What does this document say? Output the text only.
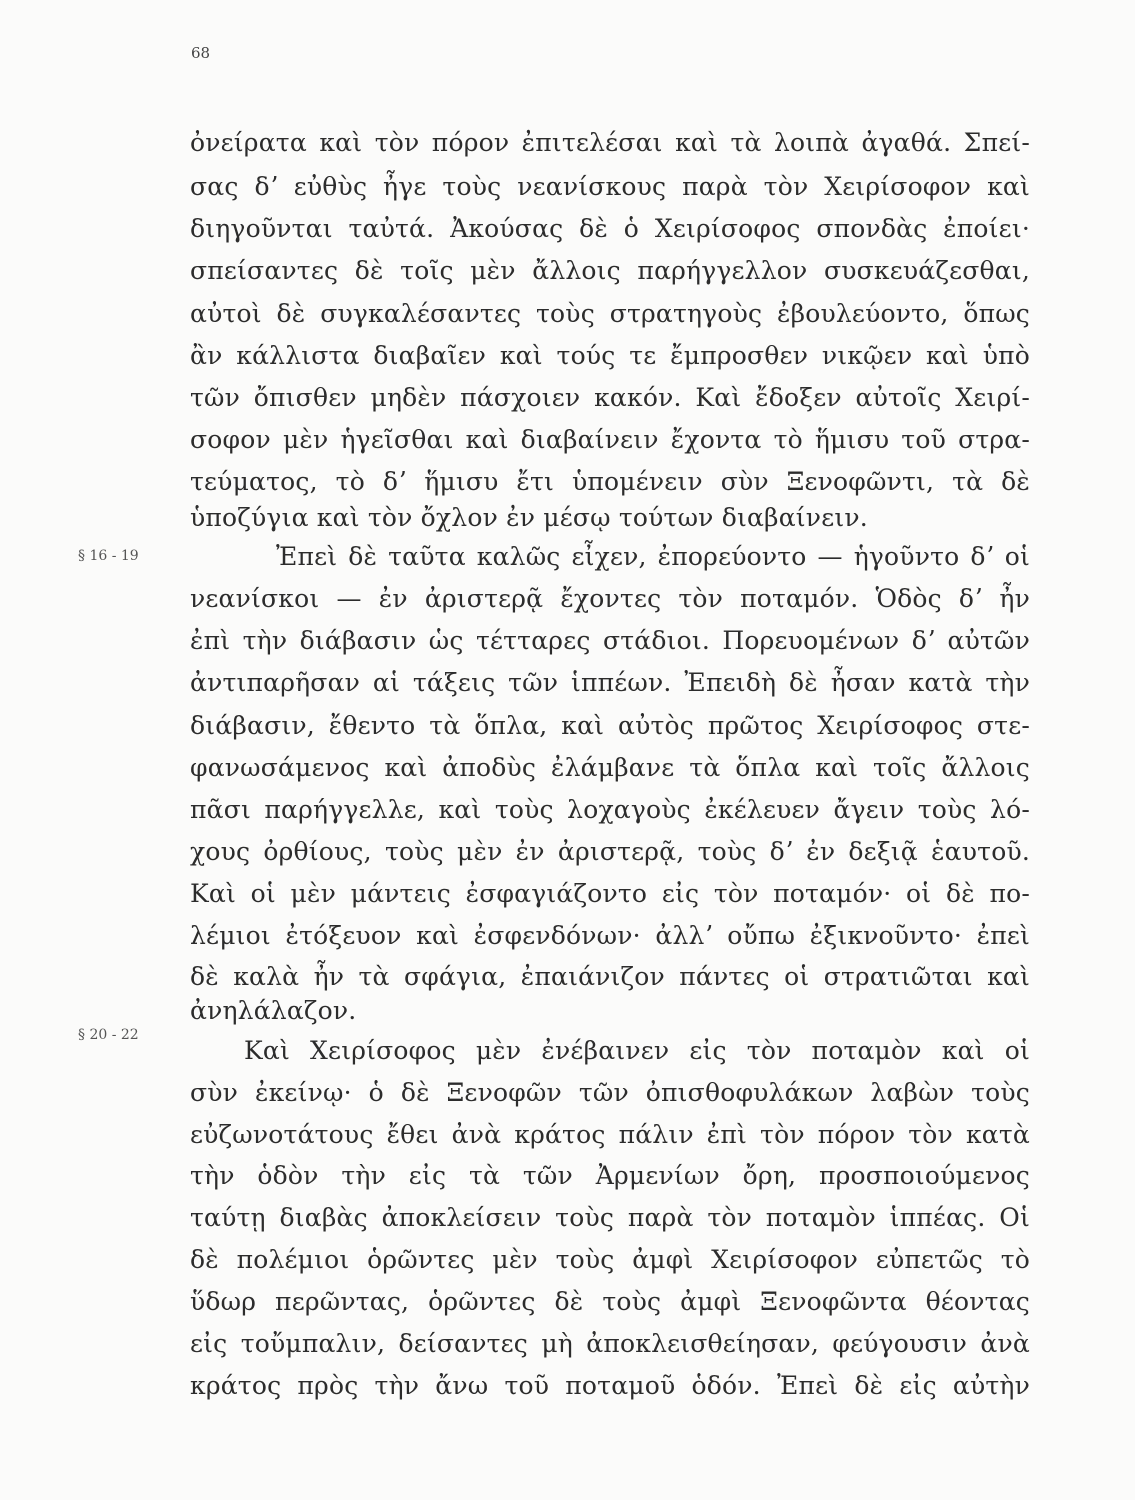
68
§ 16 - 19
§ 20 - 22
ὀνείρατα καὶ τὸν πόρον ἐπιτελέσαι καὶ τὰ λοιπὰ ἀγαθά. Σπεί-
σας δʼ εὐθὺς ἦγε τοὺς νεανίσκους παρὰ τὸν Χειρίσοφον καὶ
διηγοῦνται ταὐτά. Ἀκούσας δὲ ὁ Χειρίσοφος σπονδὰς ἐποίει·
σπείσαντες δὲ τοῖς μὲν ἄλλοις παρήγγελλον συσκευάζεσθαι,
αὐτοὶ δὲ συγκαλέσαντες τοὺς στρατηγοὺς ἐβουλεύοντο, ὅπως
ἂν κάλλιστα διαβαῖεν καὶ τούς τε ἔμπροσθεν νικῷεν καὶ ὑπὸ
τῶν ὄπισθεν μηδὲν πάσχοιεν κακόν. Καὶ ἔδοξεν αὐτοῖς Χειρί-
σοφον μὲν ἡγεῖσθαι καὶ διαβαίνειν ἔχοντα τὸ ἥμισυ τοῦ στρα-
τεύματος, τὸ δʼ ἥμισυ ἔτι ὑπομένειν σὺν Ξενοφῶντι, τὰ δὲ
ὑποζύγια καὶ τὸν ὄχλον ἐν μέσῳ τούτων διαβαίνειν.
Ἐπεὶ δὲ ταῦτα καλῶς εἶχεν, ἐπορεύοντο — ἡγοῦντο δʼ οἱ
νεανίσκοι — ἐν ἀριστερᾷ ἔχοντες τὸν ποταμόν. Ὁδὸς δʼ ἦν
ἐπὶ τὴν διάβασιν ὡς τέτταρες στάδιοι. Πορευομένων δʼ αὐτῶν
ἀντιπαρῆσαν αἱ τάξεις τῶν ἱππέων. Ἐπειδὴ δὲ ἦσαν κατὰ τὴν
διάβασιν, ἔθεντο τὰ ὅπλα, καὶ αὐτὸς πρῶτος Χειρίσοφος στε-
φανωσάμενος καὶ ἀποδὺς ἐλάμβανε τὰ ὅπλα καὶ τοῖς ἄλλοις
πᾶσι παρήγγελλε, καὶ τοὺς λοχαγοὺς ἐκέλευεν ἄγειν τοὺς λό-
χους ὀρθίους, τοὺς μὲν ἐν ἀριστερᾷ, τοὺς δʼ ἐν δεξιᾷ ἑαυτοῦ.
Καὶ οἱ μὲν μάντεις ἐσφαγιάζοντο εἰς τὸν ποταμόν· οἱ δὲ πο-
λέμιοι ἐτόξευον καὶ ἐσφενδόνων· ἀλλʼ οὔπω ἐξικνοῦντο· ἐπεὶ
δὲ καλὰ ἦν τὰ σφάγια, ἐπαιάνιζον πάντες οἱ στρατιῶται καὶ
ἀνηλάλαζον.
Καὶ Χειρίσοφος μὲν ἐνέβαινεν εἰς τὸν ποταμὸν καὶ οἱ
σὺν ἐκείνῳ· ὁ δὲ Ξενοφῶν τῶν ὀπισθοφυλάκων λαβὼν τοὺς
εὐζωνοτάτους ἔθει ἀνὰ κράτος πάλιν ἐπὶ τὸν πόρον τὸν κατὰ
τὴν ὁδὸν τὴν εἰς τὰ τῶν Ἀρμενίων ὄρη, προσποιούμενος
ταύτῃ διαβὰς ἀποκλείσειν τοὺς παρὰ τὸν ποταμὸν ἱππέας. Οἱ
δὲ πολέμιοι ὁρῶντες μὲν τοὺς ἀμφὶ Χειρίσοφον εὐπετῶς τὸ
ὕδωρ περῶντας, ὁρῶντες δὲ τοὺς ἀμφὶ Ξενοφῶντα θέοντας
εἰς τοὔμπαλιν, δείσαντες μὴ ἀποκλεισθείησαν, φεύγουσιν ἀνὰ
κράτος πρὸς τὴν ἄνω τοῦ ποταμοῦ ὁδόν. Ἐπεὶ δὲ εἰς αὐτὴν
